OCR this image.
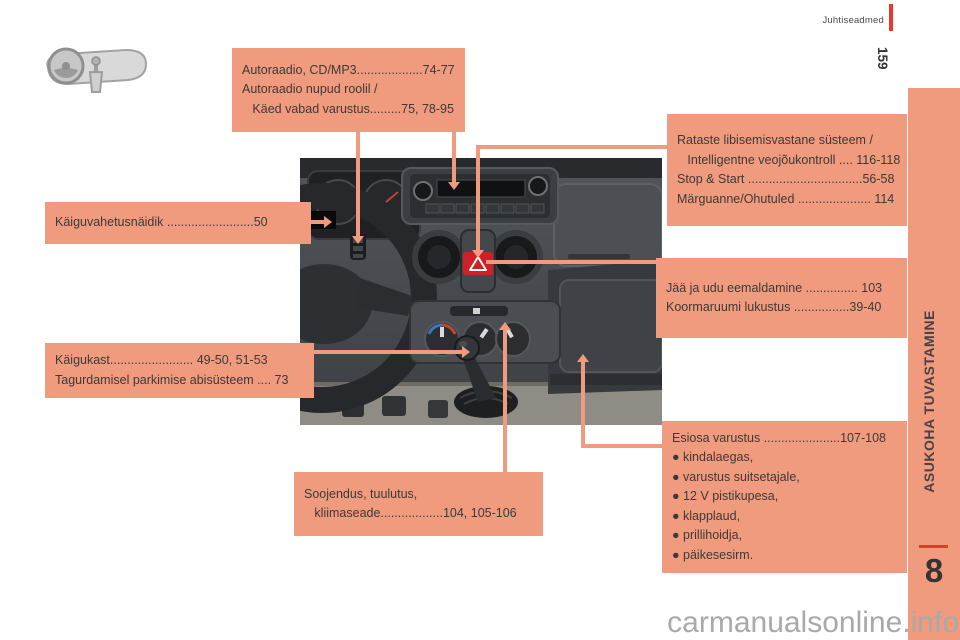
Juhtiseadmed
159
Autoraadio, CD/MP3...................74-77
Autoraadio nupud roolil /
Käed vabad varustus.........75, 78-95
Rataste libisemisvastane süsteem /
Intelligentne veojõukontroll .... 116-118
Stop & Start .................................56-58
Märguanne/Ohutuled ..................... 114
Käiguvahetusnäidik .........................50
Käigukast........................ 49-50, 51-53
Tagurdamisel parkimise abisüsteem .... 73
Jää ja udu eemaldamine ............... 103
Koormaruumi lukustus ................39-40
Soojendus, tuulutus,
kliimaseade..................104, 105-106
Esiosa varustus ......................107-108
● kindalaegas,
● varustus suitsetajale,
● 12 V pistikupesa,
● klapplaud,
● prillihoidja,
● päikesesirm.
ASUKOHA TUVASTAMINE
8
carmanualsonline.info
